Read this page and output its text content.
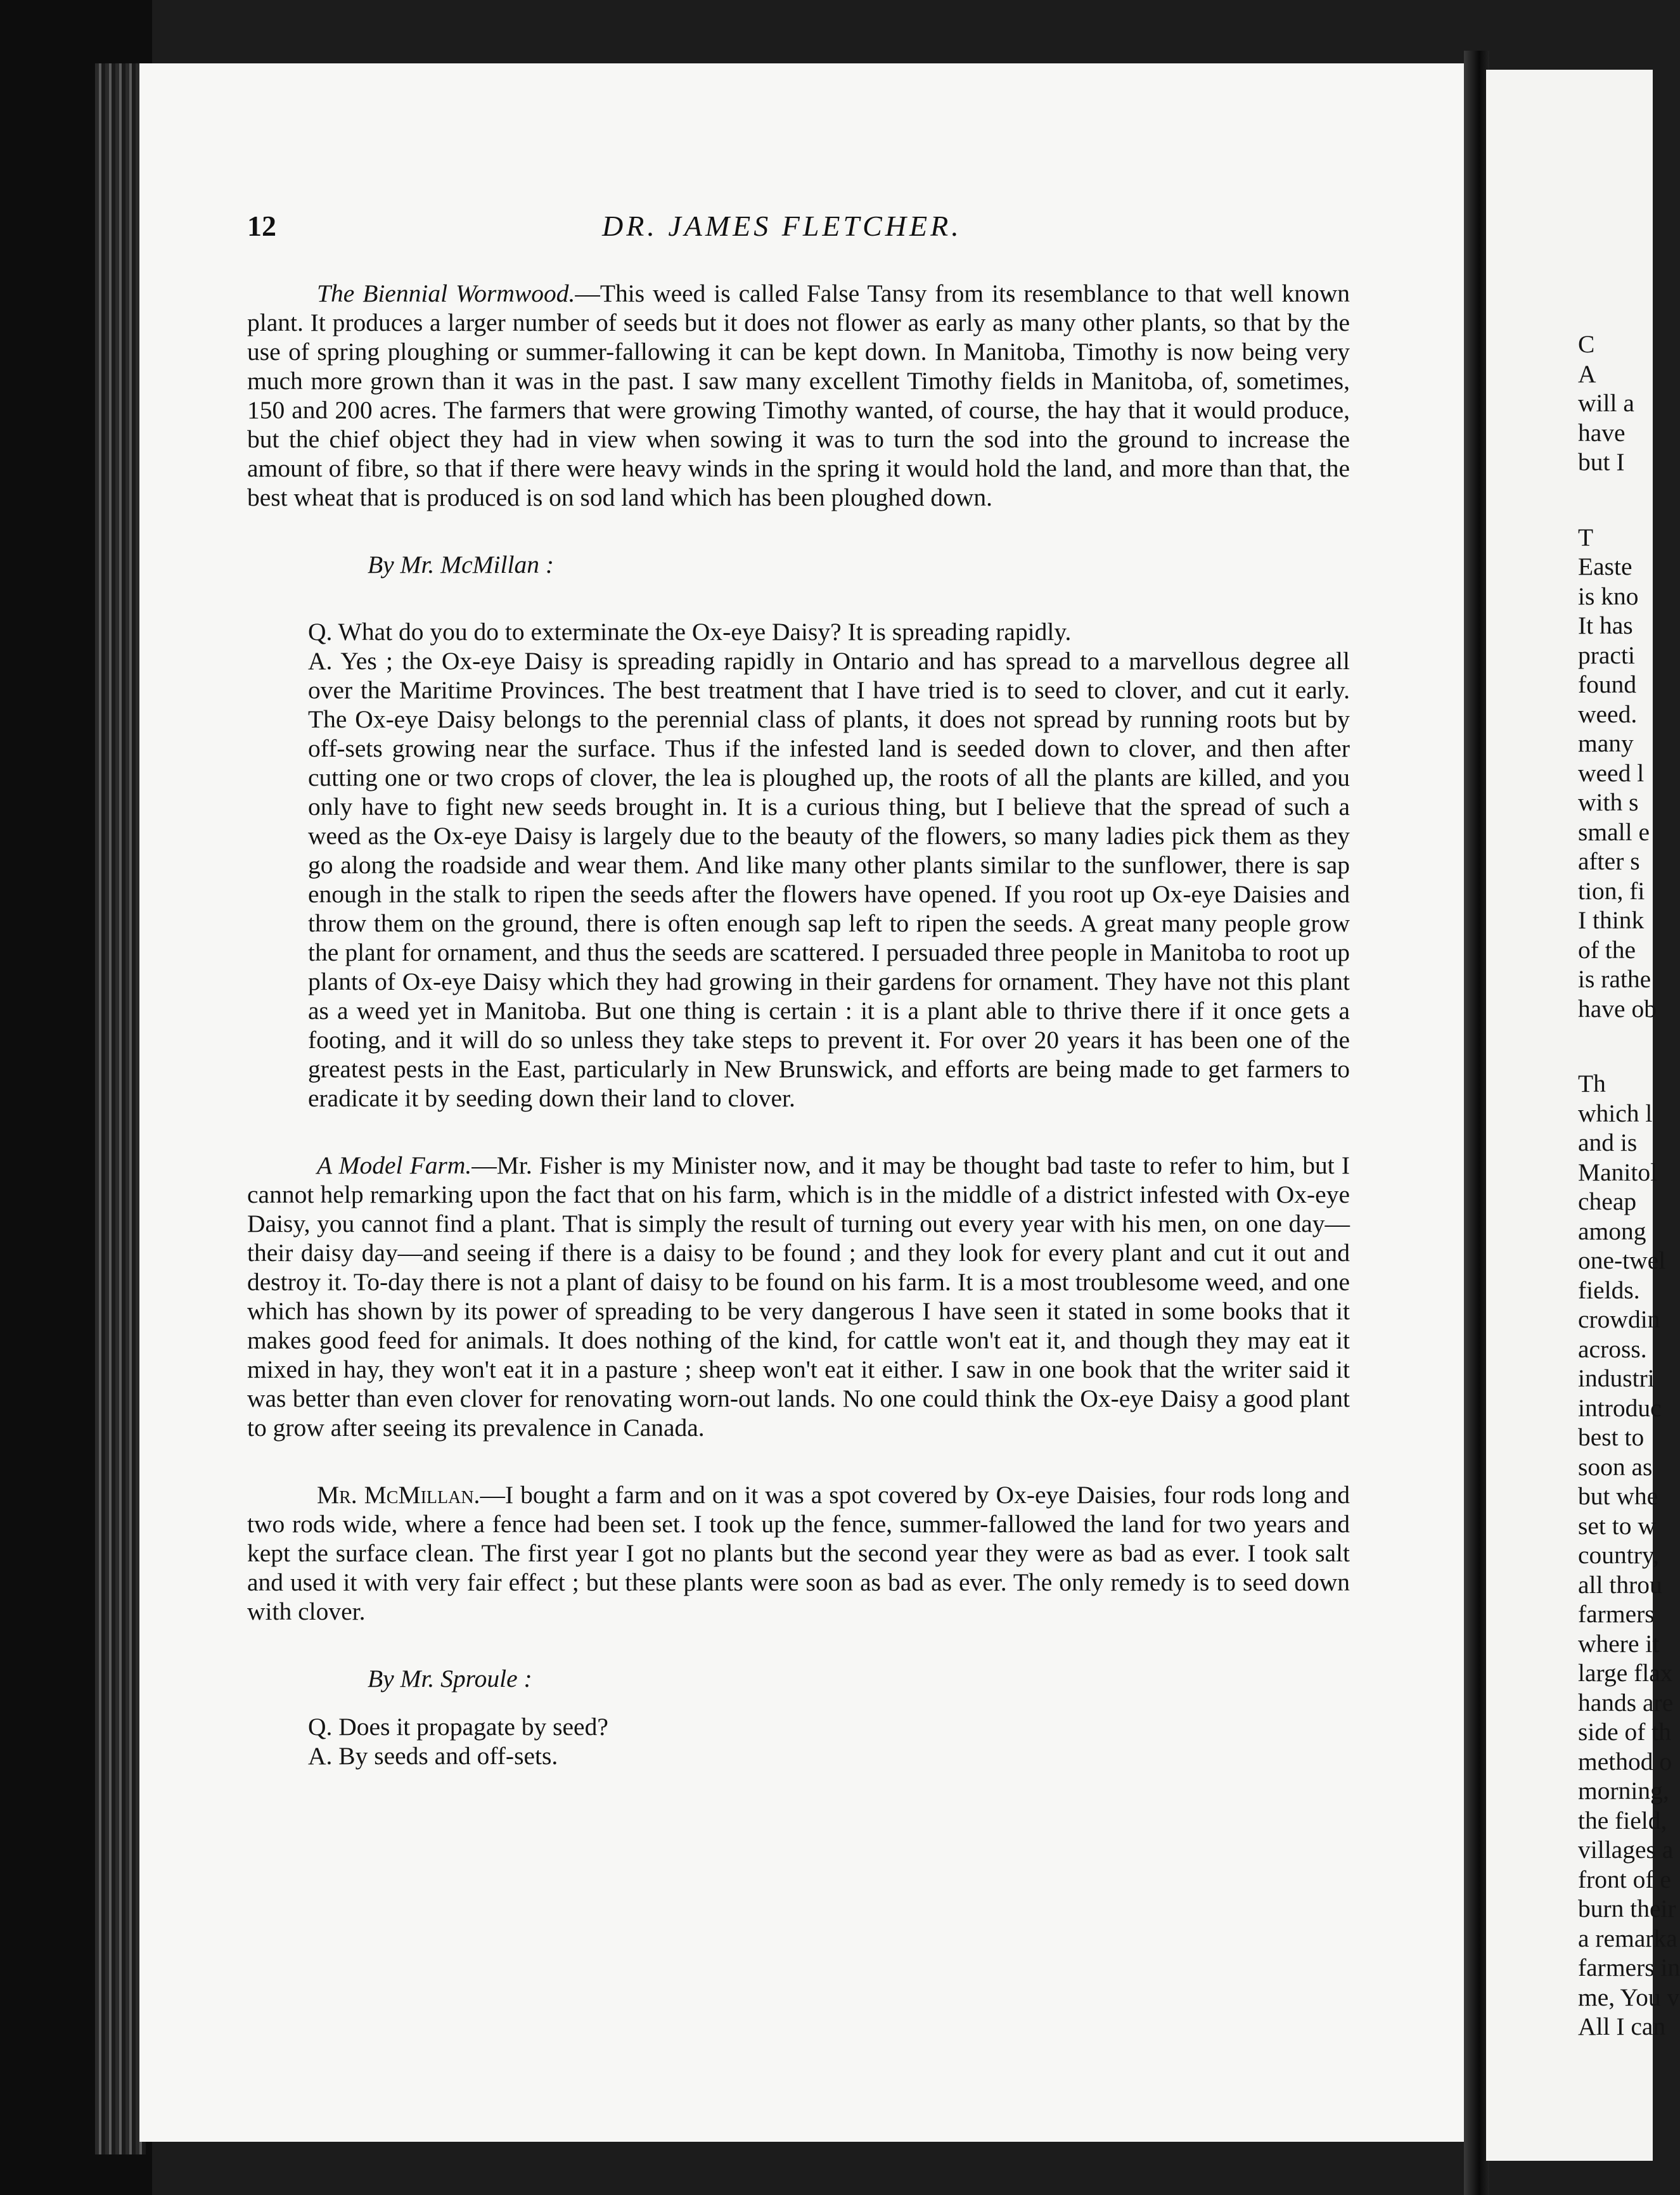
12	DR. JAMES FLETCHER.

The Biennial Wormwood.—This weed is called False Tansy from its resemblance to that well known plant. It produces a larger number of seeds but it does not flower as early as many other plants, so that by the use of spring ploughing or summer-fallowing it can be kept down. In Manitoba, Timothy is now being very much more grown than it was in the past. I saw many excellent Timothy fields in Manitoba, of, sometimes, 150 and 200 acres. The farmers that were growing Timothy wanted, of course, the hay that it would produce, but the chief object they had in view when sowing it was to turn the sod into the ground to increase the amount of fibre, so that if there were heavy winds in the spring it would hold the land, and more than that, the best wheat that is produced is on sod land which has been ploughed down.

By Mr. McMillan :

Q. What do you do to exterminate the Ox-eye Daisy? It is spreading rapidly.

A. Yes ; the Ox-eye Daisy is spreading rapidly in Ontario and has spread to a marvellous degree all over the Maritime Provinces. The best treatment that I have tried is to seed to clover, and cut it early. The Ox-eye Daisy belongs to the perennial class of plants, it does not spread by running roots but by off-sets growing near the surface. Thus if the infested land is seeded down to clover, and then after cutting one or two crops of clover, the lea is ploughed up, the roots of all the plants are killed, and you only have to fight new seeds brought in. It is a curious thing, but I believe that the spread of such a weed as the Ox-eye Daisy is largely due to the beauty of the flowers, so many ladies pick them as they go along the roadside and wear them. And like many other plants similar to the sunflower, there is sap enough in the stalk to ripen the seeds after the flowers have opened. If you root up Ox-eye Daisies and throw them on the ground, there is often enough sap left to ripen the seeds. A great many people grow the plant for ornament, and thus the seeds are scattered. I persuaded three people in Manitoba to root up plants of Ox-eye Daisy which they had growing in their gardens for ornament. They have not this plant as a weed yet in Manitoba. But one thing is certain : it is a plant able to thrive there if it once gets a footing, and it will do so unless they take steps to prevent it. For over 20 years it has been one of the greatest pests in the East, particularly in New Brunswick, and efforts are being made to get farmers to eradicate it by seeding down their land to clover.

A Model Farm.—Mr. Fisher is my Minister now, and it may be thought bad taste to refer to him, but I cannot help remarking upon the fact that on his farm, which is in the middle of a district infested with Ox-eye Daisy, you cannot find a plant. That is simply the result of turning out every year with his men, on one day—their daisy day—and seeing if there is a daisy to be found ; and they look for every plant and cut it out and destroy it. To-day there is not a plant of daisy to be found on his farm. It is a most troublesome weed, and one which has shown by its power of spreading to be very dangerous I have seen it stated in some books that it makes good feed for animals. It does nothing of the kind, for cattle won't eat it, and though they may eat it mixed in hay, they won't eat it in a pasture ; sheep won't eat it either. I saw in one book that the writer said it was better than even clover for renovating worn-out lands. No one could think the Ox-eye Daisy a good plant to grow after seeing its prevalence in Canada.

Mr. McMillan.—I bought a farm and on it was a spot covered by Ox-eye Daisies, four rods long and two rods wide, where a fence had been set. I took up the fence, summer-fallowed the land for two years and kept the surface clean. The first year I got no plants but the second year they were as bad as ever. I took salt and used it with very fair effect ; but these plants were soon as bad as ever. The only remedy is to seed down with clover.

By Mr. Sproule :

Q. Does it propagate by seed?

A. By seeds and off-sets.

C
A
will a
have
but I
T
Easte
is kno
It has
practi
found
weed.
many
weed l
with s
small e
after s
tion, fi
I think
of the
is rathe
have ob
Th
which l
and is
Manitol
cheap
among
one-twel
fields.
crowdin
across.
industri
introduc
best to
soon as
but whe
set to w
country,
all throu
farmers
where it
large flax
hands are
side of th
method o
morning,
the field,
villages a
front of e
burn their
a remarka
farmers in
me, You v
All I can
